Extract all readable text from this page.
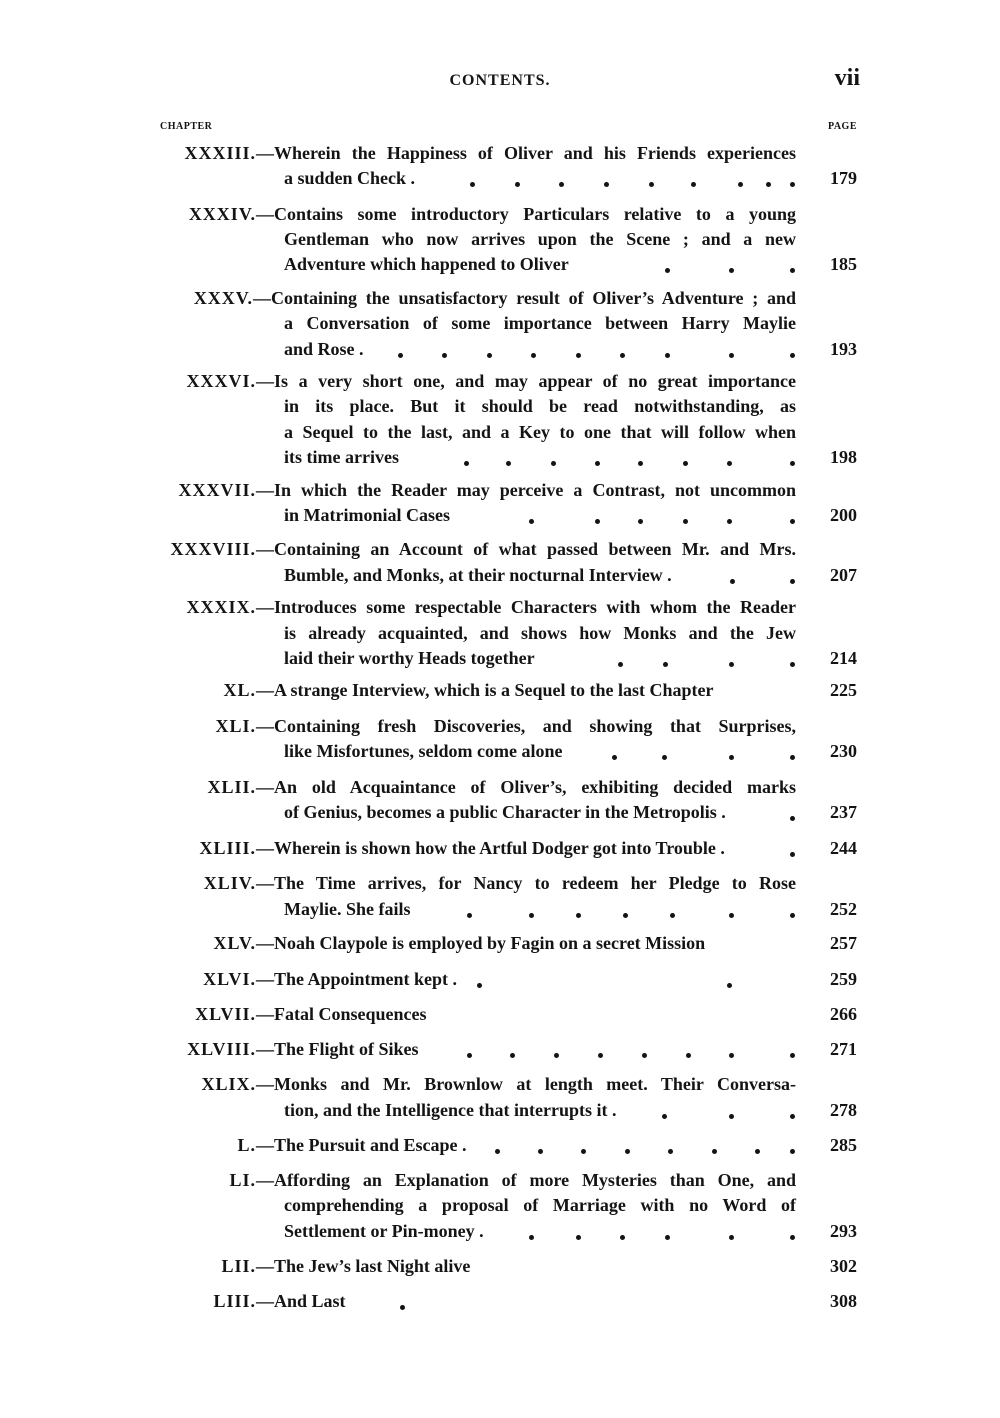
CONTENTS.	vii
CHAPTER	PAGE
XXXIII. —Wherein the Happiness of Oliver and his Friends experiences
a sudden Check .	179
XXXIV. —Contains some introductory Particulars relative to a young
Gentleman who now arrives upon the Scene ; and a new
Adventure which happened to Oliver	185
XXXV. —Containing the unsatisfactory result of Oliver’s Adventure ; and
a Conversation of some importance between Harry Maylie
and Rose .	193
XXXVI. —Is a very short one, and may appear of no great importance
in its place. But it should be read notwithstanding, as
a Sequel to the last, and a Key to one that will follow when
its time arrives	198
XXXVII. —In which the Reader may perceive a Contrast, not uncommon
in Matrimonial Cases	200
XXXVIII. —Containing an Account of what passed between Mr. and Mrs.
Bumble, and Monks, at their nocturnal Interview .	207
XXXIX. —Introduces some respectable Characters with whom the Reader
is already acquainted, and shows how Monks and the Jew
laid their worthy Heads together	214
XL. —A strange Interview, which is a Sequel to the last Chapter	225
XLI. —Containing fresh Discoveries, and showing that Surprises,
like Misfortunes, seldom come alone	230
XLII. —An old Acquaintance of Oliver’s, exhibiting decided marks
of Genius, becomes a public Character in the Metropolis .	237
XLIII. —Wherein is shown how the Artful Dodger got into Trouble .	244
XLIV. —The Time arrives, for Nancy to redeem her Pledge to Rose
Maylie. She fails	252
XLV. —Noah Claypole is employed by Fagin on a secret Mission	257
XLVI. —The Appointment kept .	259
XLVII. —Fatal Consequences	266
XLVIII. —The Flight of Sikes	271
XLIX. —Monks and Mr. Brownlow at length meet. Their Conversa-
tion, and the Intelligence that interrupts it .	278
L. —The Pursuit and Escape .	285
LI. —Affording an Explanation of more Mysteries than One, and
comprehending a proposal of Marriage with no Word of
Settlement or Pin-money .	293
LII. —The Jew’s last Night alive	302
LIII. —And Last	308
